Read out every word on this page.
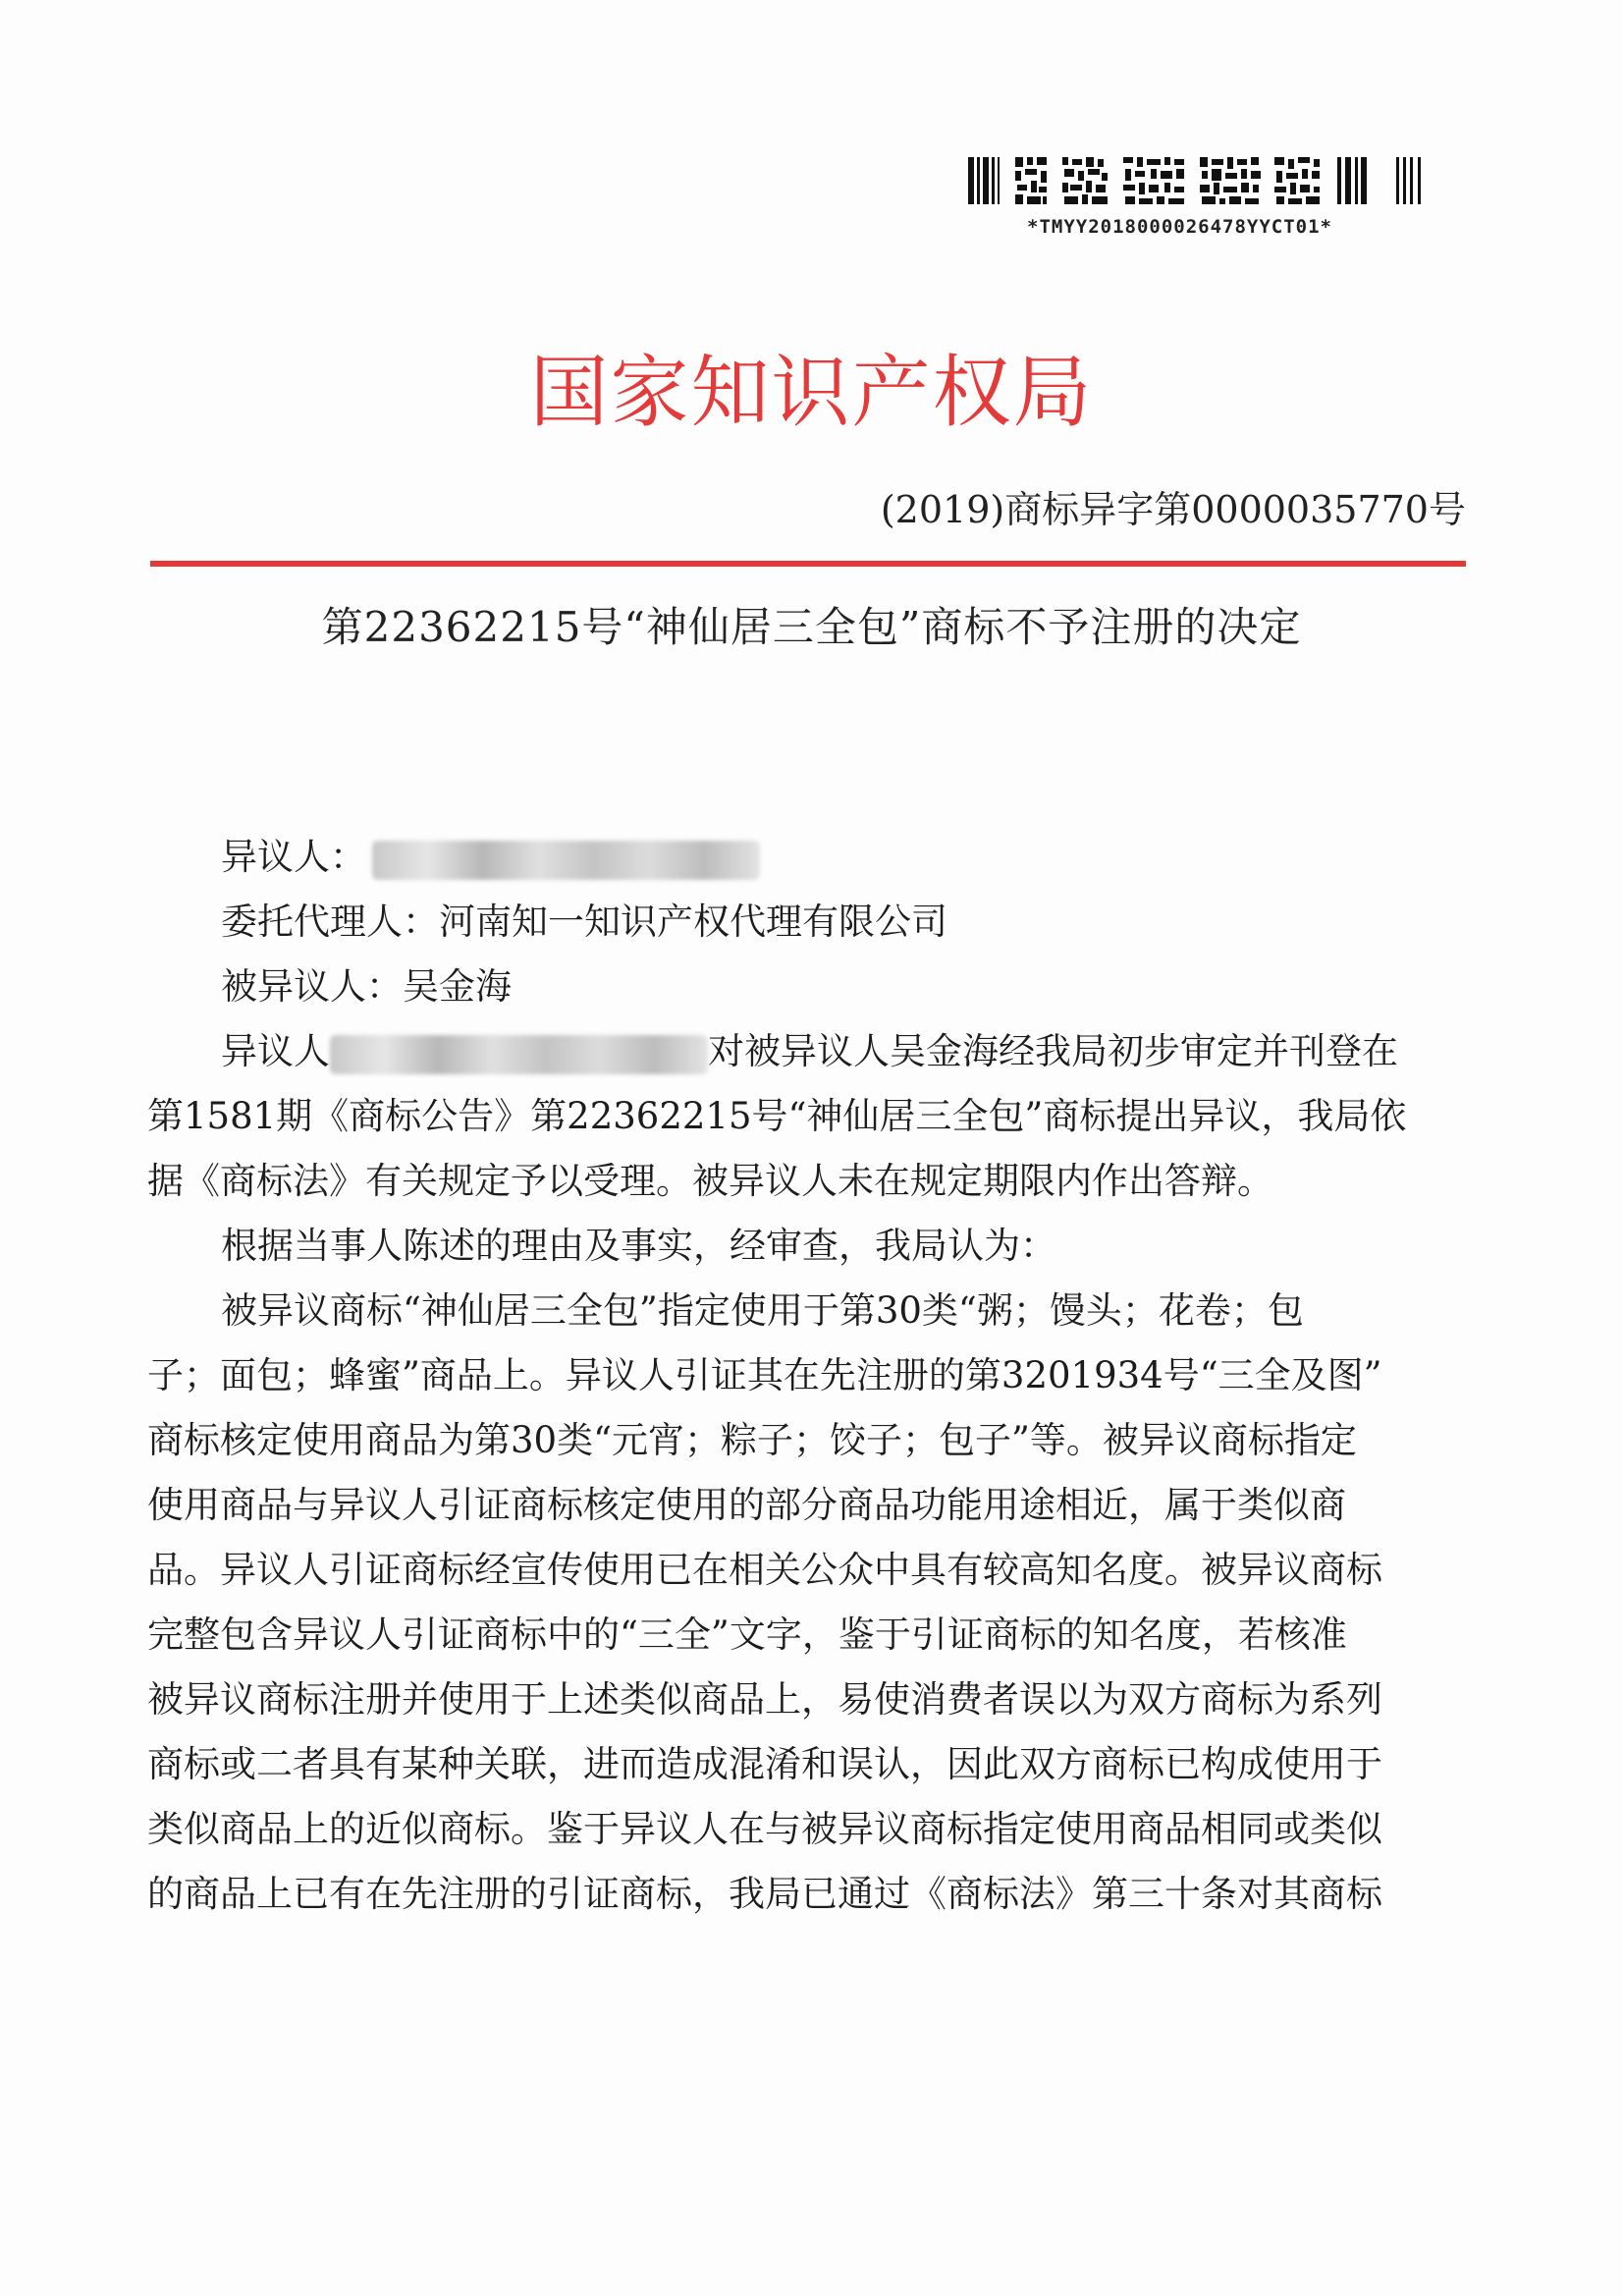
*TMYY2018000026478YYCT01*
国家知识产权局
(2019)商标异字第0000035770号
第22362215号“神仙居三全包”商标不予注册的决定

异议人：

委托代理人：河南知一知识产权代理有限公司

被异议人：吴金海

异议人	对被异议人吴金海经我局初步审定并刊登在

第1581期《商标公告》第22362215号“神仙居三全包”商标提出异议，我局依

据《商标法》有关规定予以受理。被异议人未在规定期限内作出答辩。

根据当事人陈述的理由及事实，经审查，我局认为：

被异议商标“神仙居三全包”指定使用于第30类“粥；馒头；花卷；包

子；面包；蜂蜜”商品上。异议人引证其在先注册的第3201934号“三全及图”

商标核定使用商品为第30类“元宵；粽子；饺子；包子”等。被异议商标指定

使用商品与异议人引证商标核定使用的部分商品功能用途相近，属于类似商

品。异议人引证商标经宣传使用已在相关公众中具有较高知名度。被异议商标

完整包含异议人引证商标中的“三全”文字，鉴于引证商标的知名度，若核准

被异议商标注册并使用于上述类似商品上，易使消费者误以为双方商标为系列

商标或二者具有某种关联，进而造成混淆和误认，因此双方商标已构成使用于

类似商品上的近似商标。鉴于异议人在与被异议商标指定使用商品相同或类似

的商品上已有在先注册的引证商标，我局已通过《商标法》第三十条对其商标
